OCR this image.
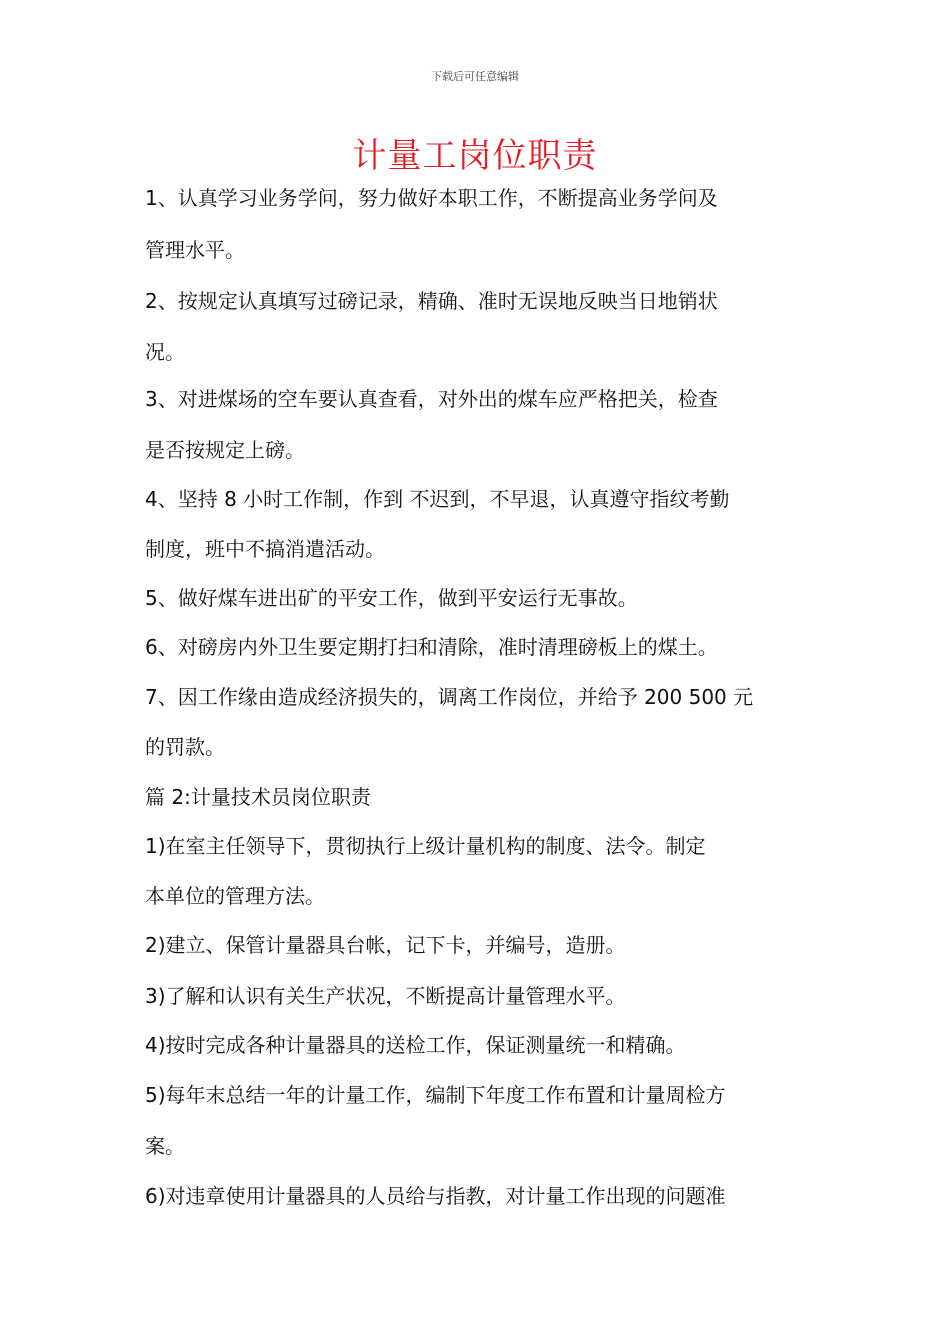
下载后可任意编辑
计量工岗位职责
1、认真学习业务学问，努力做好本职工作，不断提高业务学问及
管理水平。
2、按规定认真填写过磅记录，精确、准时无误地反映当日地销状
况。
3、对进煤场的空车要认真查看，对外出的煤车应严格把关，检查
是否按规定上磅。
4、坚持 8 小时工作制，作到 不迟到，不早退，认真遵守指纹考勤
制度，班中不搞消遣活动。
5、做好煤车进出矿的平安工作，做到平安运行无事故。
6、对磅房内外卫生要定期打扫和清除，准时清理磅板上的煤土。
7、因工作缘由造成经济损失的，调离工作岗位，并给予 200 500 元
的罚款。
篇 2:计量技术员岗位职责
1)在室主任领导下，贯彻执行上级计量机构的制度、法令。制定
本单位的管理方法。
2)建立、保管计量器具台帐，记下卡，并编号，造册。
3)了解和认识有关生产状况，不断提高计量管理水平。
4)按时完成各种计量器具的送检工作，保证测量统一和精确。
5)每年末总结一年的计量工作，编制下年度工作布置和计量周检方
案。
6)对违章使用计量器具的人员给与指教，对计量工作出现的问题准
